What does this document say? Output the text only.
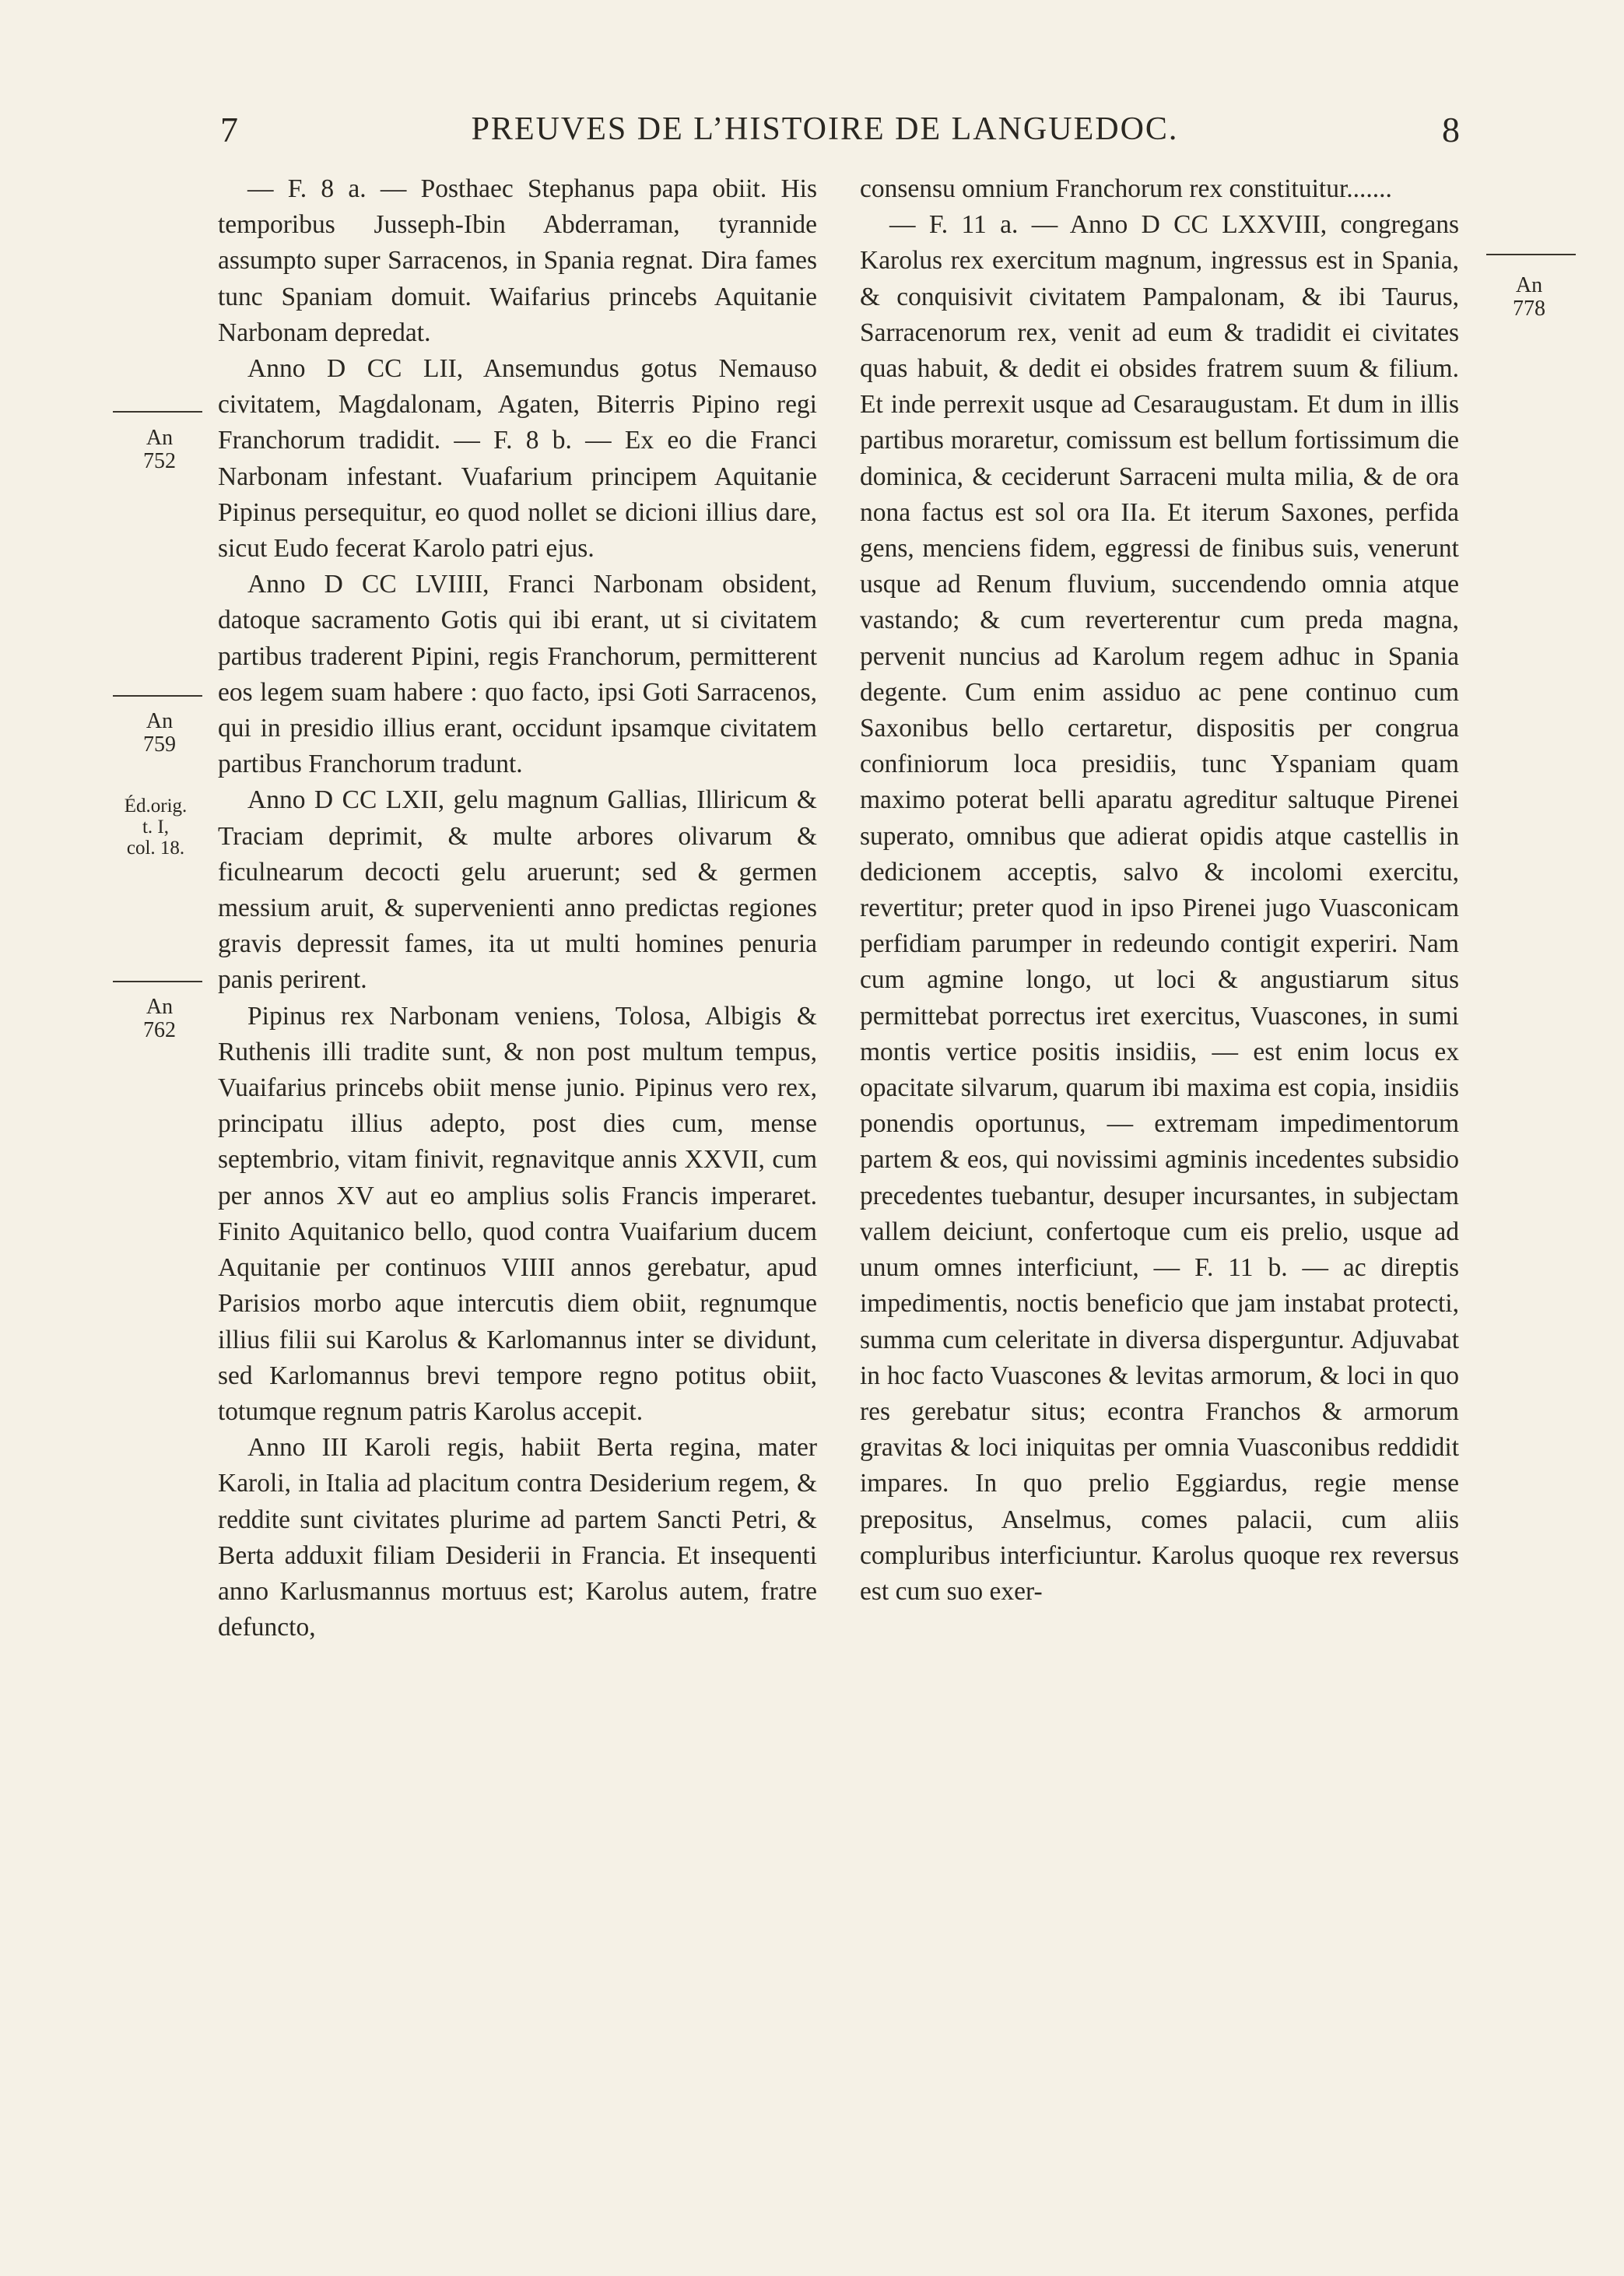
7	PREUVES DE L’HISTOIRE DE LANGUEDOC.	8
An
752
An
759
Éd.orig.
t. I,
col. 18.
An
762
An
778

— F. 8 a. — Posthaec Stephanus papa obiit. His temporibus Jusseph-Ibin Abderraman, tyrannide assumpto super Sarracenos, in Spania regnat. Dira fames tunc Spaniam domuit. Waifarius princebs Aquitanie Narbonam depredat.

Anno D CC LII, Ansemundus gotus Nemauso civitatem, Magdalonam, Agaten, Biterris Pipino regi Franchorum tradidit. — F. 8 b. — Ex eo die Franci Narbonam infestant. Vuafarium principem Aquitanie Pipinus persequitur, eo quod nollet se dicioni illius dare, sicut Eudo fecerat Karolo patri ejus.

Anno D CC LVIIII, Franci Narbonam obsident, datoque sacramento Gotis qui ibi erant, ut si civitatem partibus traderent Pipini, regis Franchorum, permitterent eos legem suam habere : quo facto, ipsi Goti Sarracenos, qui in presidio illius erant, occidunt ipsamque civitatem partibus Franchorum tradunt.

Anno D CC LXII, gelu magnum Gallias, Illiricum & Traciam deprimit, & multe arbores olivarum & ficulnearum decocti gelu aruerunt; sed & germen messium aruit, & supervenienti anno predictas regiones gravis depressit fames, ita ut multi homines penuria panis perirent.

Pipinus rex Narbonam veniens, Tolosa, Albigis & Ruthenis illi tradite sunt, & non post multum tempus, Vuaifarius princebs obiit mense junio. Pipinus vero rex, principatu illius adepto, post dies cum, mense septembrio, vitam finivit, regnavitque annis XXVII, cum per annos XV aut eo amplius solis Francis imperaret. Finito Aquitanico bello, quod contra Vuaifarium ducem Aquitanie per continuos VIIII annos gerebatur, apud Parisios morbo aque intercutis diem obiit, regnumque illius filii sui Karolus & Karlomannus inter se dividunt, sed Karlomannus brevi tempore regno potitus obiit, totumque regnum patris Karolus accepit.

Anno III Karoli regis, habiit Berta regina, mater Karoli, in Italia ad placitum contra Desiderium regem, & reddite sunt civitates plurime ad partem Sancti Petri, & Berta adduxit filiam Desiderii in Francia. Et insequenti anno Karlusmannus mortuus est; Karolus autem, fratre defuncto,

consensu omnium Franchorum rex constituitur.......

— F. 11 a. — Anno D CC LXXVIII, congregans Karolus rex exercitum magnum, ingressus est in Spania, & conquisivit civitatem Pampalonam, & ibi Taurus, Sarracenorum rex, venit ad eum & tradidit ei civitates quas habuit, & dedit ei obsides fratrem suum & filium. Et inde perrexit usque ad Cesaraugustam. Et dum in illis partibus moraretur, comissum est bellum fortissimum die dominica, & ceciderunt Sarraceni multa milia, & de ora nona factus est sol ora IIa. Et iterum Saxones, perfida gens, menciens fidem, eggressi de finibus suis, venerunt usque ad Renum fluvium, succendendo omnia atque vastando; & cum reverterentur cum preda magna, pervenit nuncius ad Karolum regem adhuc in Spania degente. Cum enim assiduo ac pene continuo cum Saxonibus bello certaretur, dispositis per congrua confiniorum loca presidiis, tunc Yspaniam quam maximo poterat belli aparatu agreditur saltuque Pirenei superato, omnibus que adierat opidis atque castellis in dedicionem acceptis, salvo & incolomi exercitu, revertitur; preter quod in ipso Pirenei jugo Vuasconicam perfidiam parumper in redeundo contigit experiri. Nam cum agmine longo, ut loci & angustiarum situs permittebat porrectus iret exercitus, Vuascones, in sumi montis vertice positis insidiis, — est enim locus ex opacitate silvarum, quarum ibi maxima est copia, insidiis ponendis oportunus, — extremam impedimentorum partem & eos, qui novissimi agminis incedentes subsidio precedentes tuebantur, desuper incursantes, in subjectam vallem deiciunt, confertoque cum eis prelio, usque ad unum omnes interficiunt, — F. 11 b. — ac direptis impedimentis, noctis beneficio que jam instabat protecti, summa cum celeritate in diversa disperguntur. Adjuvabat in hoc facto Vuascones & levitas armorum, & loci in quo res gerebatur situs; econtra Franchos & armorum gravitas & loci iniquitas per omnia Vuasconibus reddidit impares. In quo prelio Eggiardus, regie mense prepositus, Anselmus, comes palacii, cum aliis compluribus interficiuntur. Karolus quoque rex reversus est cum suo exer-
